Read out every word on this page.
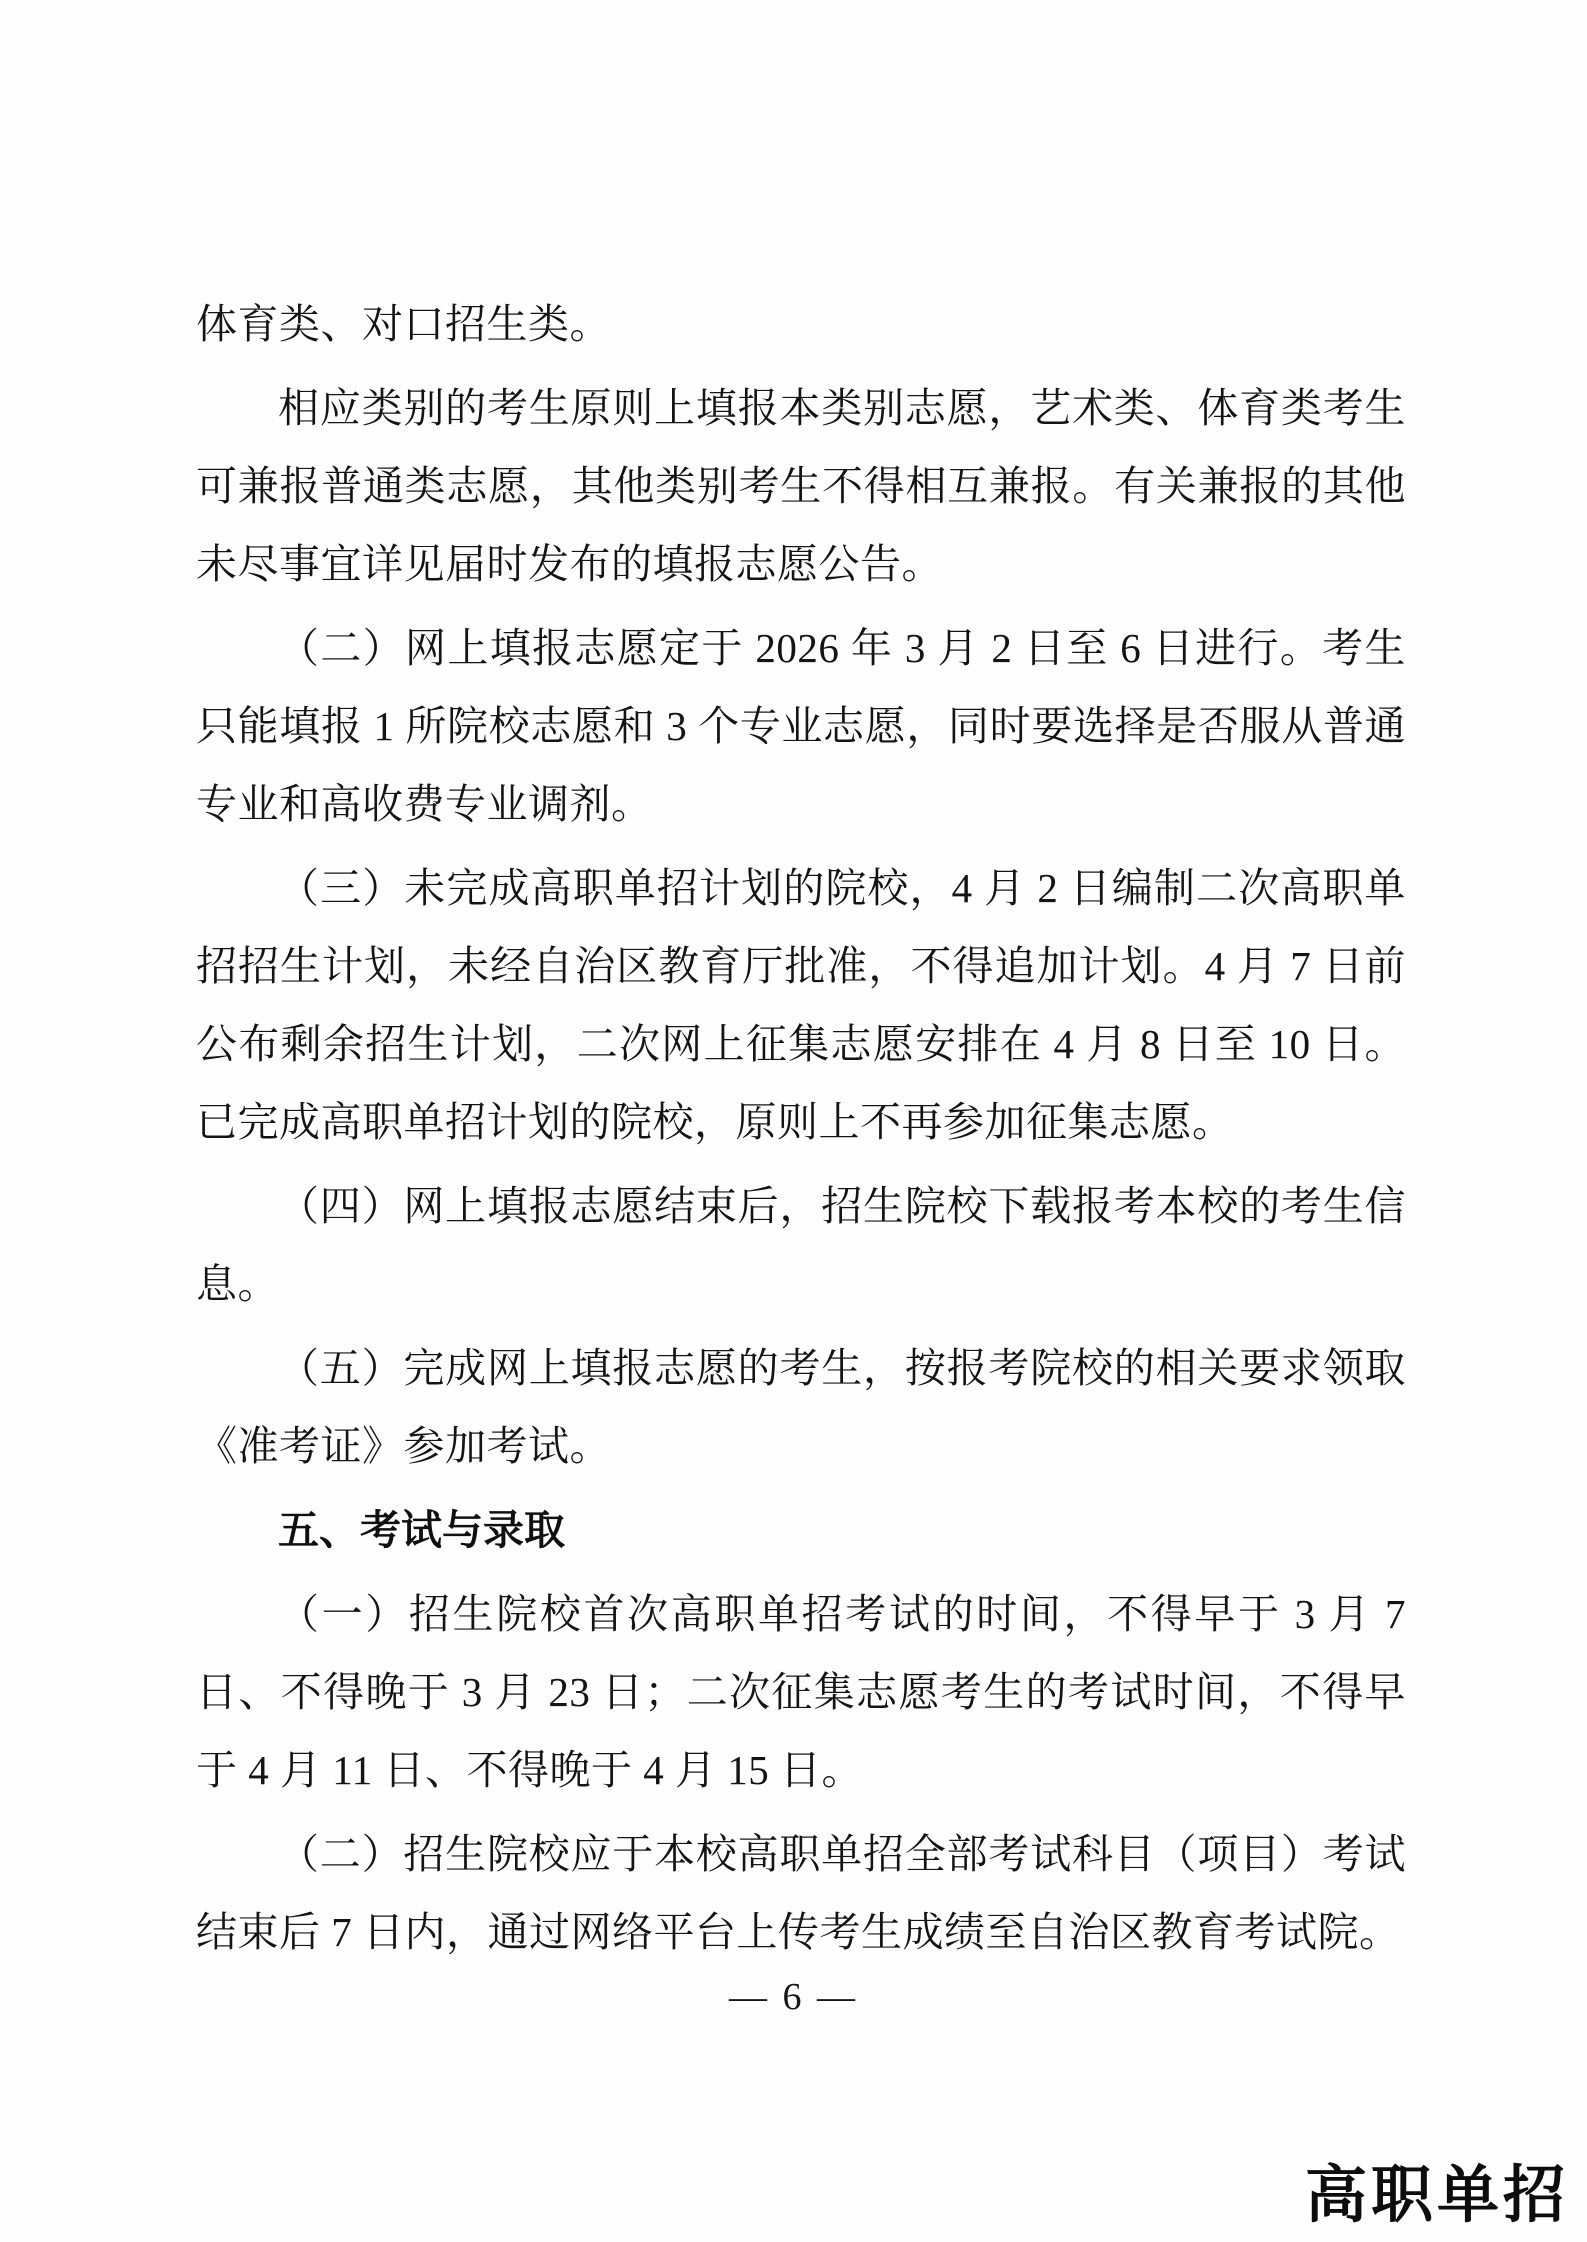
体育类、对口招生类。

相应类别的考生原则上填报本类别志愿，艺术类、体育类考生可兼报普通类志愿，其他类别考生不得相互兼报。有关兼报的其他未尽事宜详见届时发布的填报志愿公告。

（二）网上填报志愿定于 2026 年 3 月 2 日至 6 日进行。考生只能填报 1 所院校志愿和 3 个专业志愿，同时要选择是否服从普通专业和高收费专业调剂。

（三）未完成高职单招计划的院校，4 月 2 日编制二次高职单招招生计划，未经自治区教育厅批准，不得追加计划。4 月 7 日前公布剩余招生计划，二次网上征集志愿安排在 4 月 8 日至 10 日。已完成高职单招计划的院校，原则上不再参加征集志愿。

（四）网上填报志愿结束后，招生院校下载报考本校的考生信息。

（五）完成网上填报志愿的考生，按报考院校的相关要求领取《准考证》参加考试。

五、考试与录取

（一）招生院校首次高职单招考试的时间，不得早于 3 月 7 日、不得晚于 3 月 23 日；二次征集志愿考生的考试时间，不得早于 4 月 11 日、不得晚于 4 月 15 日。

（二）招生院校应于本校高职单招全部考试科目（项目）考试结束后 7 日内，通过网络平台上传考生成绩至自治区教育考试院。

— 6 —
高职单招
